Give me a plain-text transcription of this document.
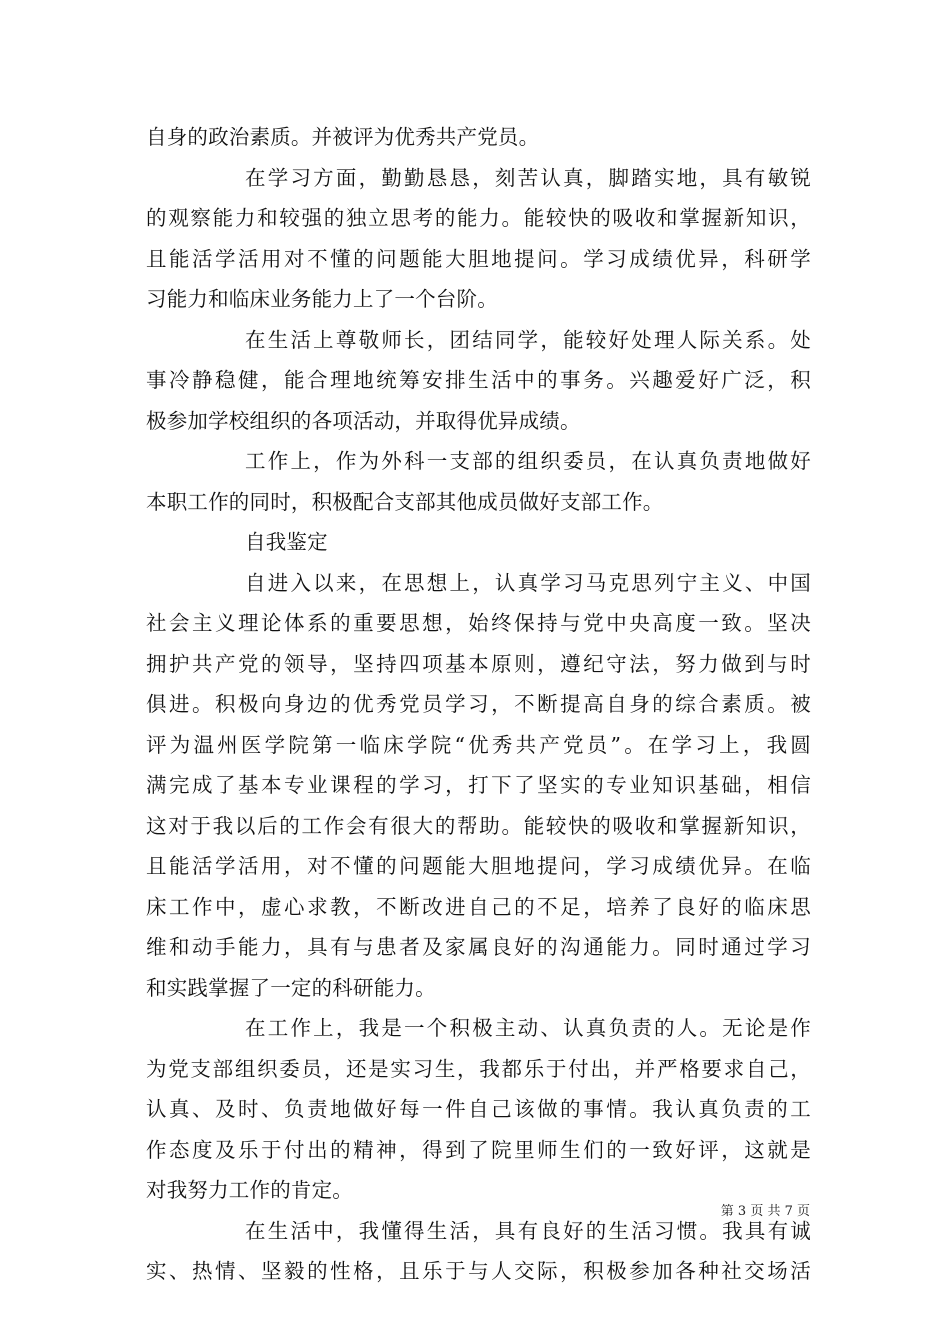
自身的政治素质。并被评为优秀共产党员。
在学习方面，勤勤恳恳，刻苦认真，脚踏实地，具有敏锐
的观察能力和较强的独立思考的能力。能较快的吸收和掌握新知识，
且能活学活用对不懂的问题能大胆地提问。学习成绩优异，科研学
习能力和临床业务能力上了一个台阶。
在生活上尊敬师长，团结同学，能较好处理人际关系。处
事冷静稳健，能合理地统筹安排生活中的事务。兴趣爱好广泛，积
极参加学校组织的各项活动，并取得优异成绩。
工作上，作为外科一支部的组织委员，在认真负责地做好
本职工作的同时，积极配合支部其他成员做好支部工作。
自我鉴定
自进入以来，在思想上，认真学习马克思列宁主义、中国
社会主义理论体系的重要思想，始终保持与党中央高度一致。坚决
拥护共产党的领导，坚持四项基本原则，遵纪守法，努力做到与时
俱进。积极向身边的优秀党员学习，不断提高自身的综合素质。被
评为温州医学院第一临床学院“优秀共产党员”。在学习上，我圆
满完成了基本专业课程的学习，打下了坚实的专业知识基础，相信
这对于我以后的工作会有很大的帮助。能较快的吸收和掌握新知识，
且能活学活用，对不懂的问题能大胆地提问，学习成绩优异。在临
床工作中，虚心求教，不断改进自己的不足，培养了良好的临床思
维和动手能力，具有与患者及家属良好的沟通能力。同时通过学习
和实践掌握了一定的科研能力。
在工作上，我是一个积极主动、认真负责的人。无论是作
为党支部组织委员，还是实习生，我都乐于付出，并严格要求自己，
认真、及时、负责地做好每一件自己该做的事情。我认真负责的工
作态度及乐于付出的精神，得到了院里师生们的一致好评，这就是
对我努力工作的肯定。
在生活中，我懂得生活，具有良好的生活习惯。我具有诚
实、热情、坚毅的性格，且乐于与人交际，积极参加各种社交场活
第 3 页 共 7 页
